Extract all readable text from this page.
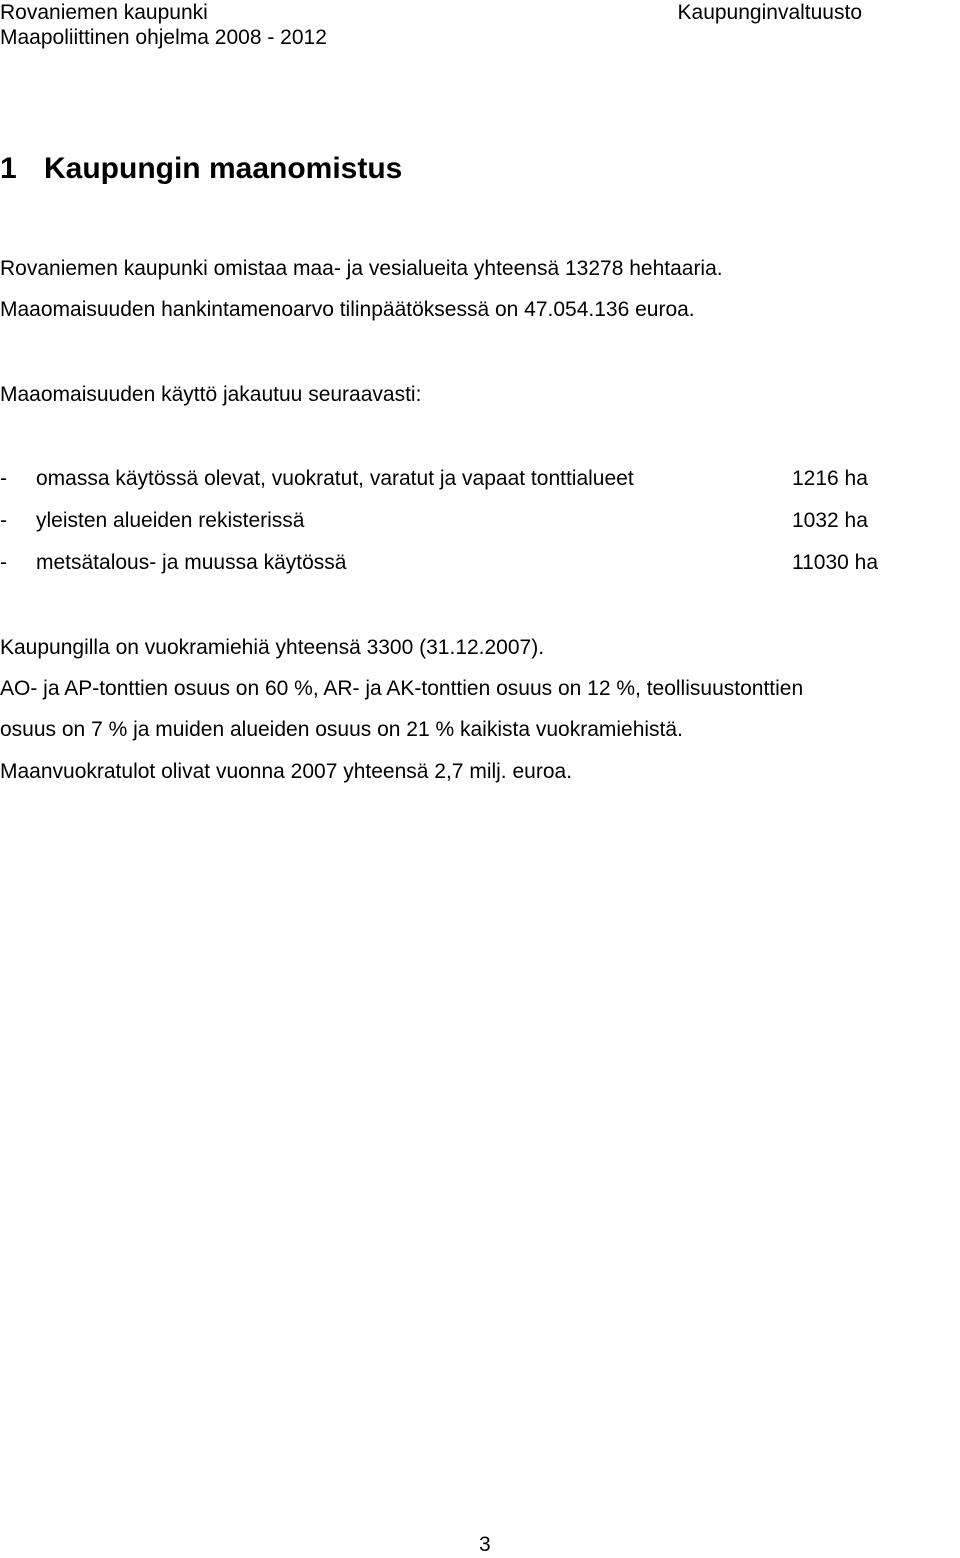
Rovaniemen kaupunki
Maapoliittinen ohjelma 2008 - 2012
Kaupunginvaltuusto
1 Kaupungin maanomistus
Rovaniemen kaupunki omistaa maa- ja vesialueita yhteensä 13278 hehtaaria.
Maaomaisuuden hankintamenoarvo tilinpäätöksessä on 47.054.136 euroa.
Maaomaisuuden käyttö jakautuu seuraavasti:
- omassa käytössä olevat, vuokratut, varatut ja vapaat tonttialueet	1216 ha
- yleisten alueiden rekisterissä	1032 ha
- metsätalous- ja muussa käytössä	11030 ha
Kaupungilla on vuokramiehiä yhteensä 3300 (31.12.2007).
AO- ja AP-tonttien osuus on 60 %, AR- ja AK-tonttien osuus on 12 %, teollisuustonttien
osuus on 7 % ja muiden alueiden osuus on 21 % kaikista vuokramiehistä.
Maanvuokratulot olivat vuonna 2007 yhteensä 2,7 milj. euroa.
3
